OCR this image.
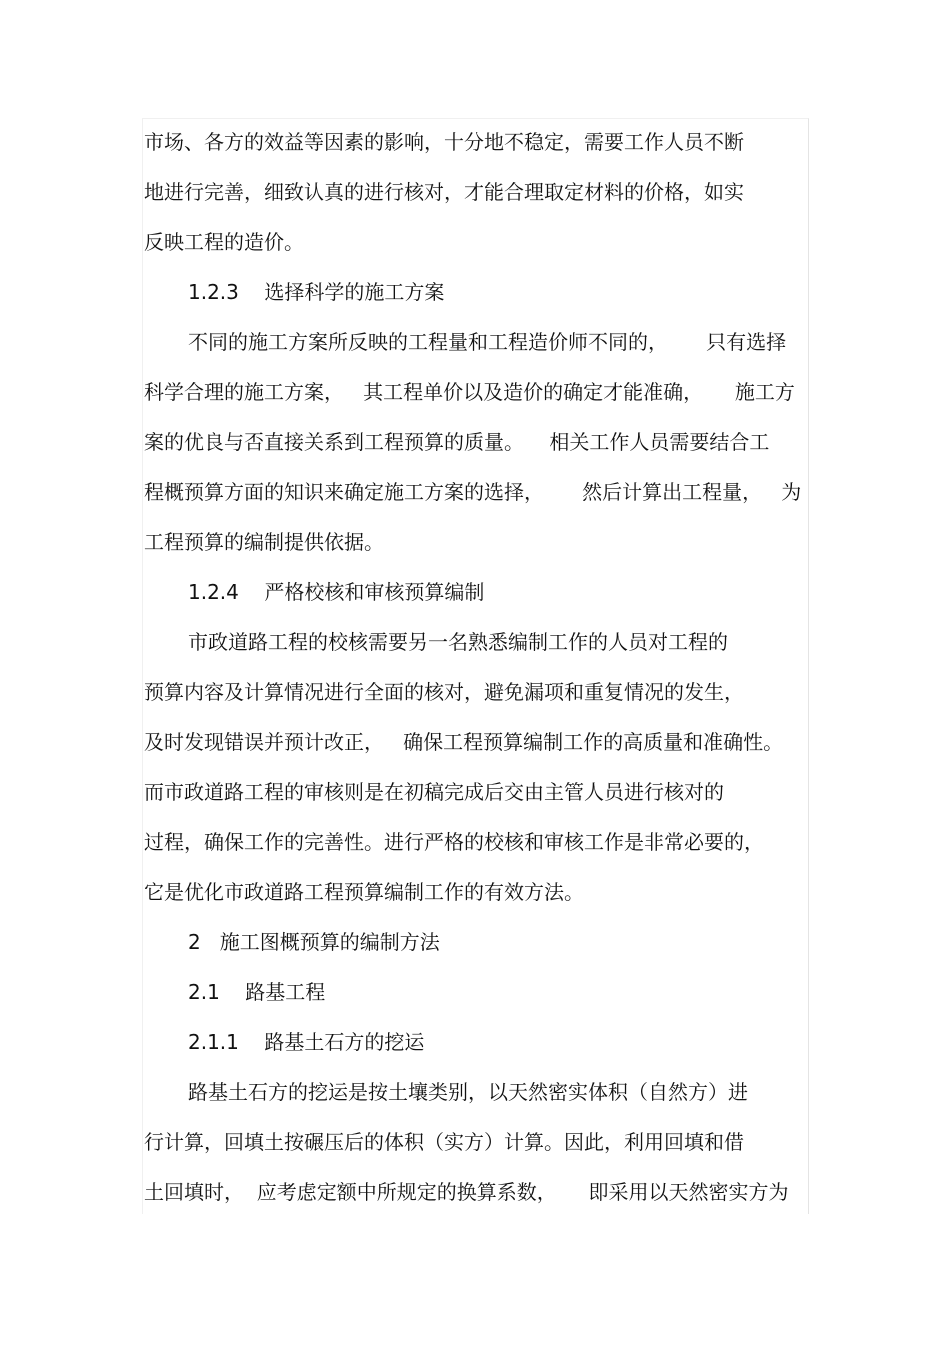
市场、各方的效益等因素的影响，十分地不稳定，需要工作人员不断
地进行完善，细致认真的进行核对，才能合理取定材料的价格，如实
反映工程的造价。
1.2.3    选择科学的施工方案
不同的施工方案所反映的工程量和工程造价师不同的，      只有选择
科学合理的施工方案，   其工程单价以及造价的确定才能准确，     施工方
案的优良与否直接关系到工程预算的质量。    相关工作人员需要结合工
程概预算方面的知识来确定施工方案的选择，      然后计算出工程量，   为
工程预算的编制提供依据。
1.2.4    严格校核和审核预算编制
市政道路工程的校核需要另一名熟悉编制工作的人员对工程的
预算内容及计算情况进行全面的核对，避免漏项和重复情况的发生，
及时发现错误并预计改正，   确保工程预算编制工作的高质量和准确性。
而市政道路工程的审核则是在初稿完成后交由主管人员进行核对的
过程，确保工作的完善性。进行严格的校核和审核工作是非常必要的，
它是优化市政道路工程预算编制工作的有效方法。
2   施工图概预算的编制方法
2.1    路基工程
2.1.1    路基土石方的挖运
路基土石方的挖运是按土壤类别，以天然密实体积（自然方）进
行计算，回填土按碾压后的体积（实方）计算。因此，利用回填和借
土回填时，  应考虑定额中所规定的换算系数，     即采用以天然密实方为
